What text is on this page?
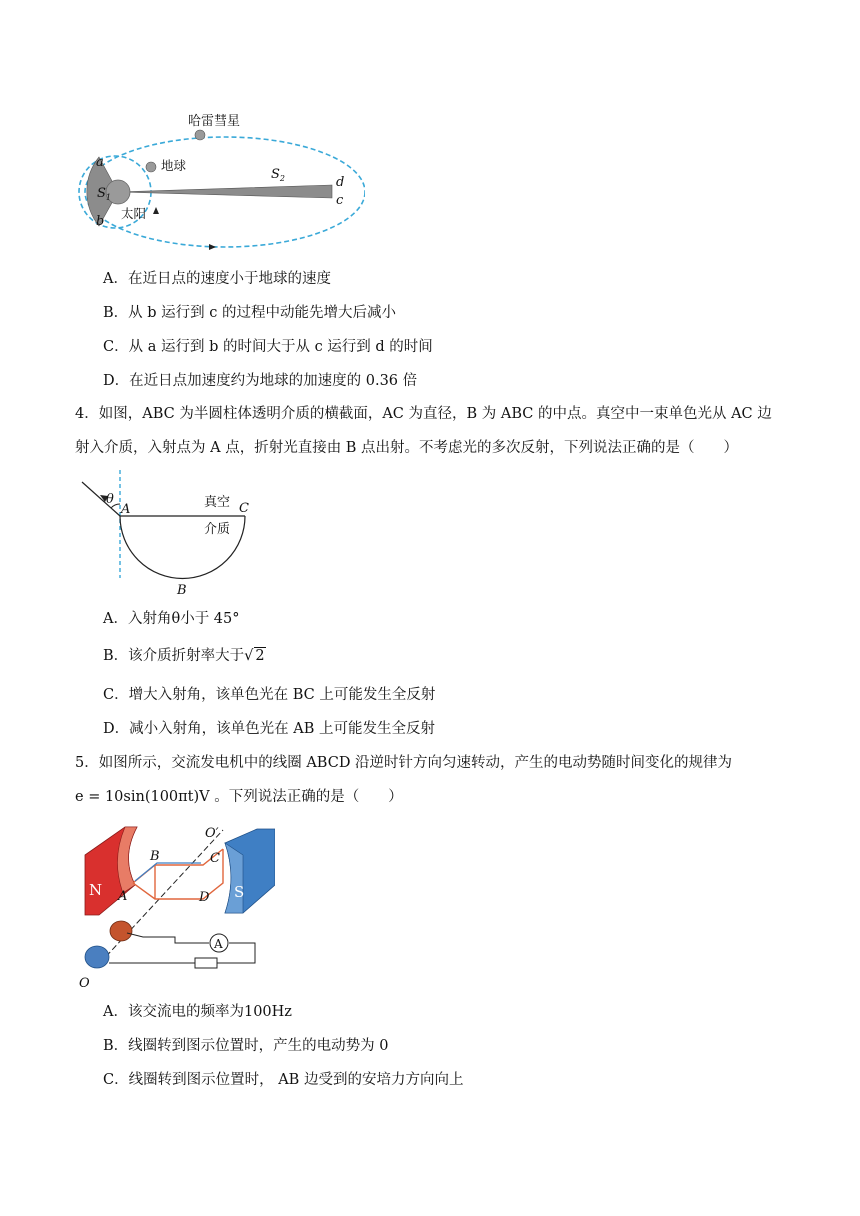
哈雷彗星
地球
太阳
$S_1$
$S_2$
a
b
d
c
A．在近日点的速度小于地球的速度
B．从 b 运行到 c 的过程中动能先增大后减小
C．从 a 运行到 b 的时间大于从 c 运行到 d 的时间
D．在近日点加速度约为地球的加速度的 0.36 倍
4．如图，ABC 为半圆柱体透明介质的横截面，AC 为直径，B 为 ABC 的中点。真空中一束单色光从 AC 边
射入介质，入射点为 A 点，折射光直接由 B 点出射。不考虑光的多次反射，下列说法正确的是（　　）
θ
A	C
B
真空
介质
A．入射角θ小于 45°
B．该介质折射率大于√ 2
C．增大入射角，该单色光在 BC 上可能发生全反射
D．减小入射角，该单色光在 AB 上可能发生全反射
5．如图所示，交流发电机中的线圈 ABCD 沿逆时针方向匀速转动，产生的电动势随时间变化的规律为
e = 10sin(100πt)V 。下列说法正确的是（　　）
N	S
B
A
C
D
O′
O
A
A．该交流电的频率为100Hz
B．线圈转到图示位置时，产生的电动势为 0
C．线圈转到图示位置时， AB 边受到的安培力方向向上
